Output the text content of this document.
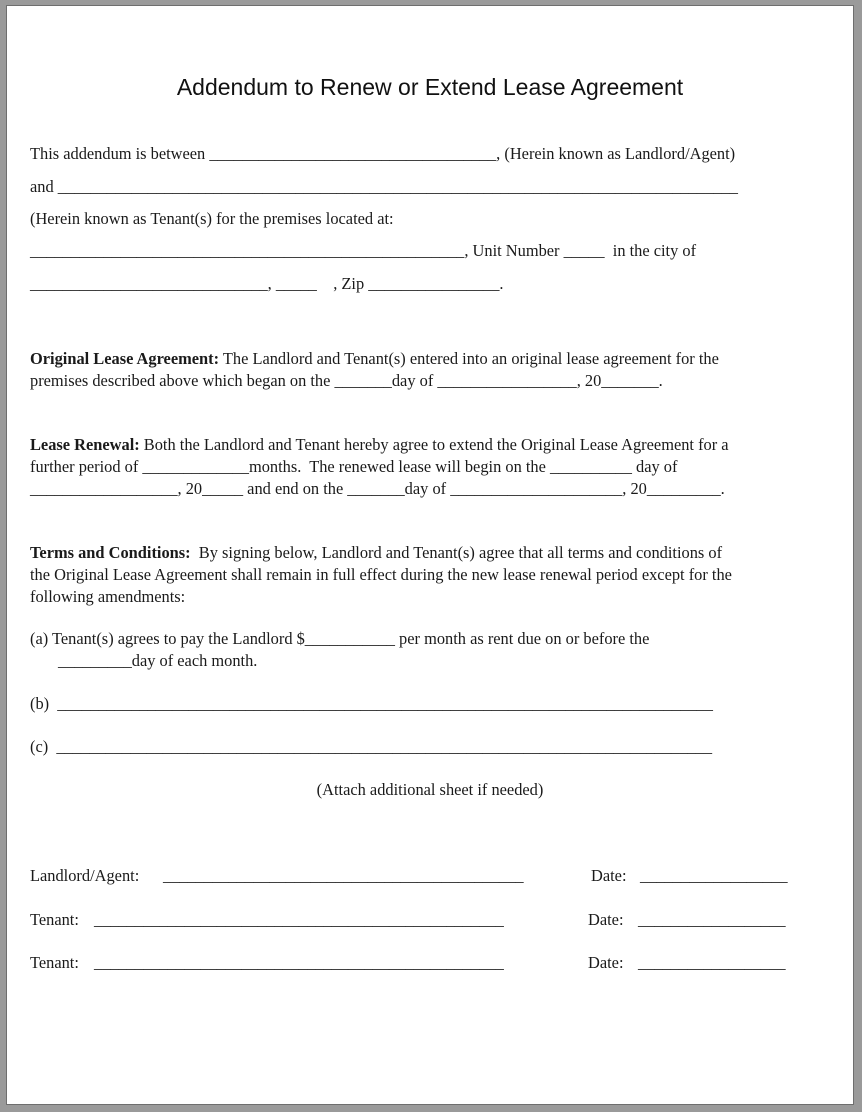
Addendum to Renew or Extend Lease Agreement
This addendum is between ___________________________________, (Herein known as Landlord/Agent)
and ___________________________________________________________________________________
(Herein known as Tenant(s) for the premises located at:
_____________________________________________________, Unit Number _____  in the city of
_____________________________, _____    , Zip ________________.
Original Lease Agreement: The Landlord and Tenant(s) entered into an original lease agreement for the
premises described above which began on the _______day of _________________, 20_______.
Lease Renewal: Both the Landlord and Tenant hereby agree to extend the Original Lease Agreement for a
further period of _____________months.  The renewed lease will begin on the __________ day of
__________________, 20_____ and end on the _______day of _____________________, 20_________.
Terms and Conditions:  By signing below, Landlord and Tenant(s) agree that all terms and conditions of
the Original Lease Agreement shall remain in full effect during the new lease renewal period except for the
following amendments:
(a) Tenant(s) agrees to pay the Landlord $___________ per month as rent due on or before the
_________day of each month.
(b)  ________________________________________________________________________________
(c)  ________________________________________________________________________________
(Attach additional sheet if needed)
Landlord/Agent: ____________________________________________	Date: __________________
Tenant: __________________________________________________	Date: __________________
Tenant: __________________________________________________	Date: __________________
